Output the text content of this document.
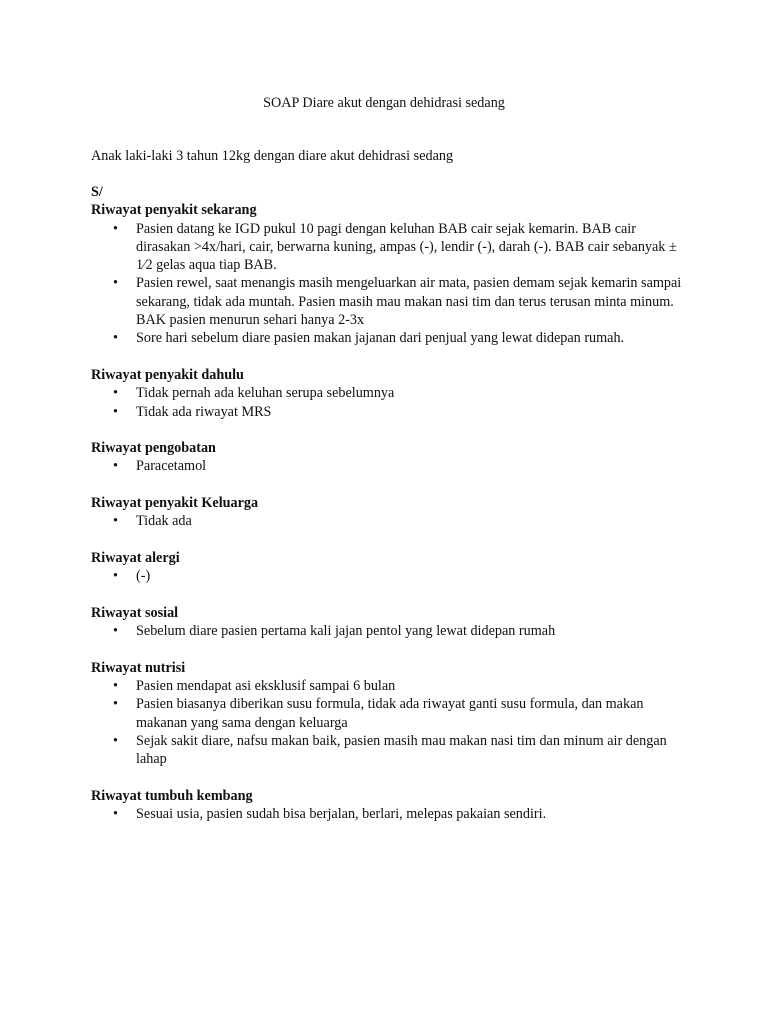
SOAP Diare akut dengan dehidrasi sedang

Anak laki-laki 3 tahun 12kg dengan diare akut dehidrasi sedang

S/

Riwayat penyakit sekarang
• Pasien datang ke IGD pukul 10 pagi dengan keluhan BAB cair sejak kemarin. BAB cair dirasakan >4x/hari, cair, berwarna kuning, ampas (-), lendir (-), darah (-). BAB cair sebanyak ± 1⁄2 gelas aqua tiap BAB.
• Pasien rewel, saat menangis masih mengeluarkan air mata, pasien demam sejak kemarin sampai sekarang, tidak ada muntah. Pasien masih mau makan nasi tim dan terus terusan minta minum. BAK pasien menurun sehari hanya 2-3x
• Sore hari sebelum diare pasien makan jajanan dari penjual yang lewat didepan rumah.
Riwayat penyakit dahulu
• Tidak pernah ada keluhan serupa sebelumnya
• Tidak ada riwayat MRS
Riwayat pengobatan
• Paracetamol
Riwayat penyakit Keluarga
• Tidak ada
Riwayat alergi
• (-)
Riwayat sosial
• Sebelum diare pasien pertama kali jajan pentol yang lewat didepan rumah
Riwayat nutrisi
• Pasien mendapat asi eksklusif sampai 6 bulan
• Pasien biasanya diberikan susu formula, tidak ada riwayat ganti susu formula, dan makan makanan yang sama dengan keluarga
• Sejak sakit diare, nafsu makan baik, pasien masih mau makan nasi tim dan minum air dengan lahap
Riwayat tumbuh kembang
• Sesuai usia, pasien sudah bisa berjalan, berlari, melepas pakaian sendiri.
